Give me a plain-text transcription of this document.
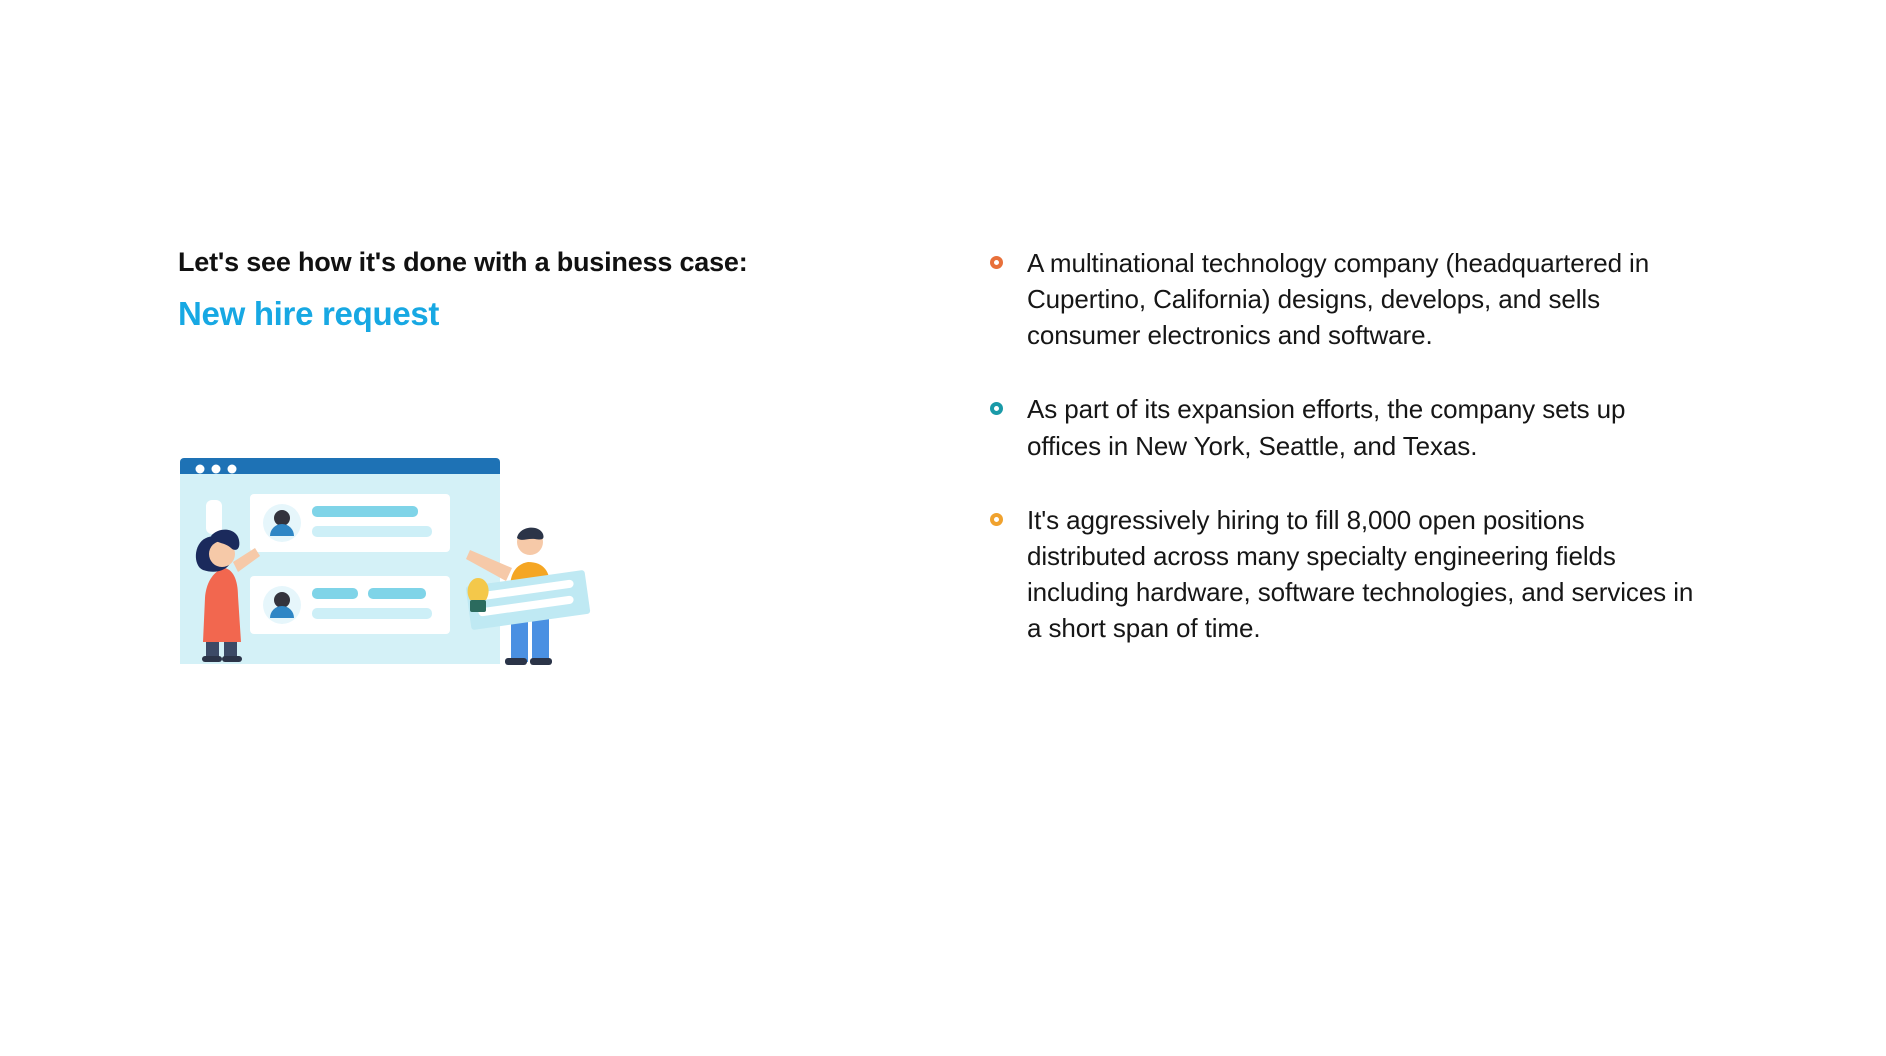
Let's see how it's done with a business case:
New hire request
A multinational technology company (headquartered in Cupertino, California) designs, develops, and sells consumer electronics and software.
As part of its expansion efforts, the company sets up offices in New York, Seattle, and Texas.
It's aggressively hiring to fill 8,000 open positions distributed across many specialty engineering fields including hardware, software technologies, and services in a short span of time.
